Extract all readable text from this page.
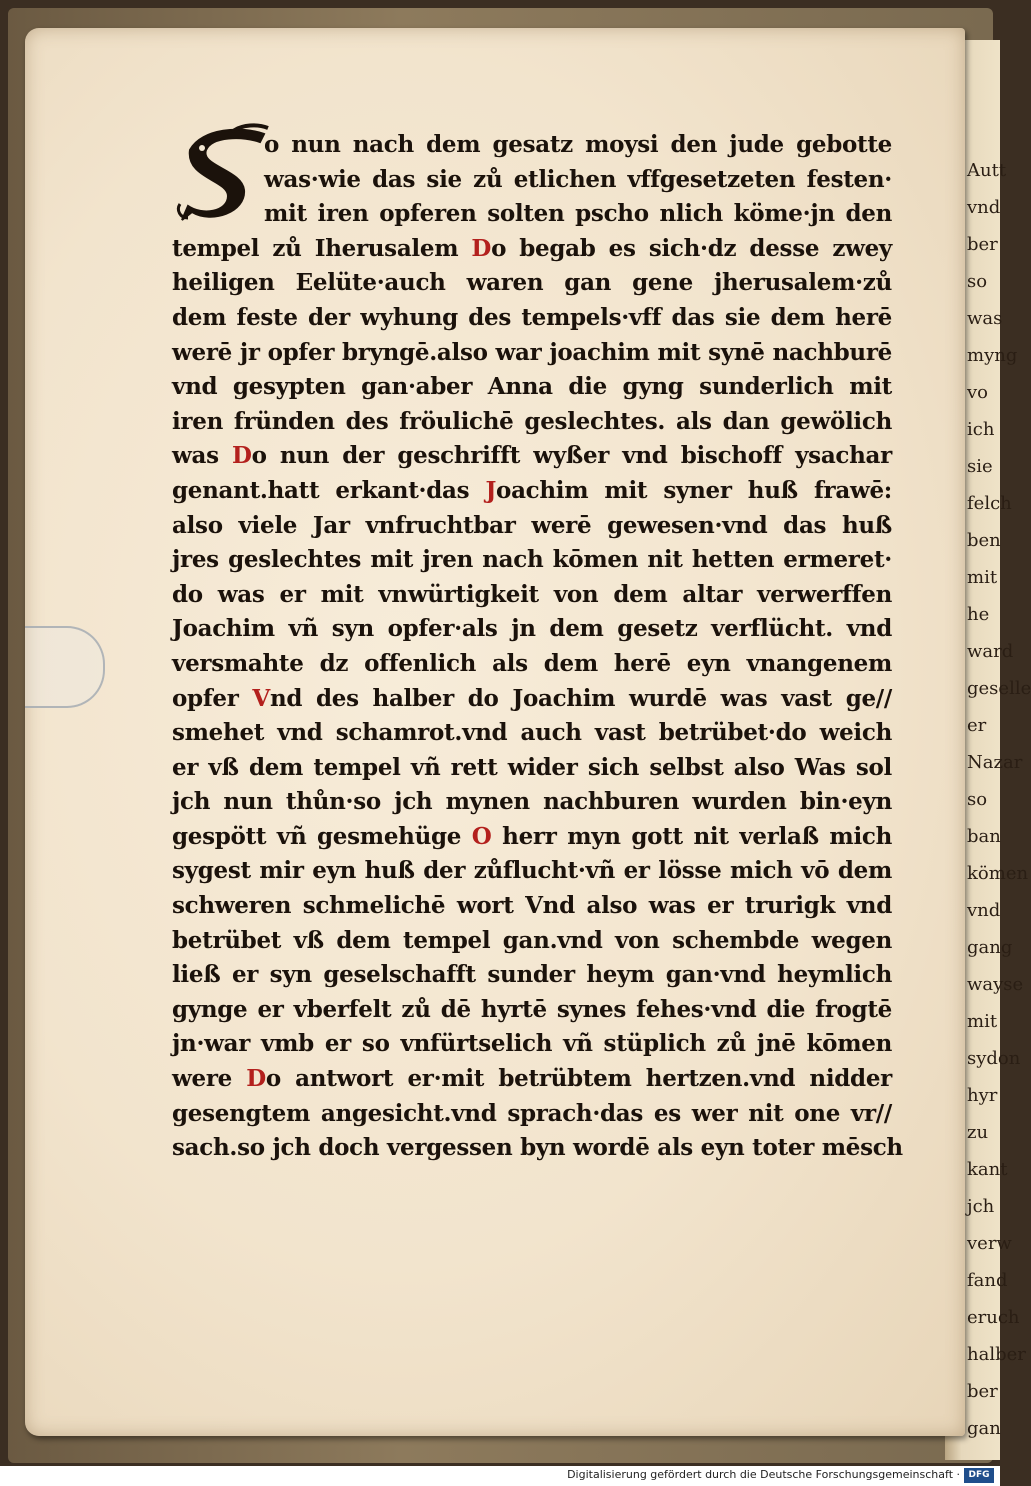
Autt
vnd
ber
so
was
myng
vo
ich
sie
felch
ben
mit
he
ward
geselle
er
Nazar
so
ban
kömen
vnd
gang
wayse
mit
sydon
hyr
zu
kant
jch
verw
fand
eruch
halber
ber
gan
S
o nun nach dem gesatz moysi den jude gebotte
was·wie das sie zů etlichen vffgesetzeten festen·
mit iren opferen solten pscho nlich köme·jn den
tempel zů Iherusalem Do begab es sich·dz desse zwey
heiligen Eelüte·auch waren gan gene jherusalem·zů
dem feste der wyhung des tempels·vff das sie dem herē
werē jr opfer bryngē.also war joachim mit synē nachburē
vnd gesypten gan·aber Anna die gyng sunderlich mit
iren fründen des fröulichē geslechtes. als dan gewölich
was Do nun der geschrifft wyßer vnd bischoff ysachar
genant.hatt erkant·das Joachim mit syner huß frawē:
also viele Jar vnfruchtbar werē gewesen·vnd das huß
jres geslechtes mit jren nach kōmen nit hetten ermeret·
do was er mit vnwürtigkeit von dem altar verwerffen
Joachim vñ syn opfer·als jn dem gesetz verflücht. vnd
versmahte dz offenlich als dem herē eyn vnangenem
opfer Vnd des halber do Joachim wurdē was vast ge//
smehet vnd schamrot.vnd auch vast betrübet·do weich
er vß dem tempel vñ rett wider sich selbst also Was sol
jch nun thůn·so jch mynen nachburen wurden bin·eyn
gespött vñ gesmehüge O herr myn gott nit verlaß mich
sygest mir eyn huß der zůflucht·vñ er lösse mich vō dem
schweren schmelichē wort Vnd also was er trurigk vnd
betrübet vß dem tempel gan.vnd von schembde wegen
ließ er syn geselschafft sunder heym gan·vnd heymlich
gynge er vberfelt zů dē hyrtē synes fehes·vnd die frogtē
jn·war vmb er so vnfürtselich vñ stüplich zů jnē kōmen
were Do antwort er·mit betrübtem hertzen.vnd nidder
gesengtem angesicht.vnd sprach·das es wer nit one vr//
sach.so jch doch vergessen byn wordē als eyn toter mēsch
Digitalisierung gefördert durch die Deutsche Forschungsgemeinschaft · DFG
